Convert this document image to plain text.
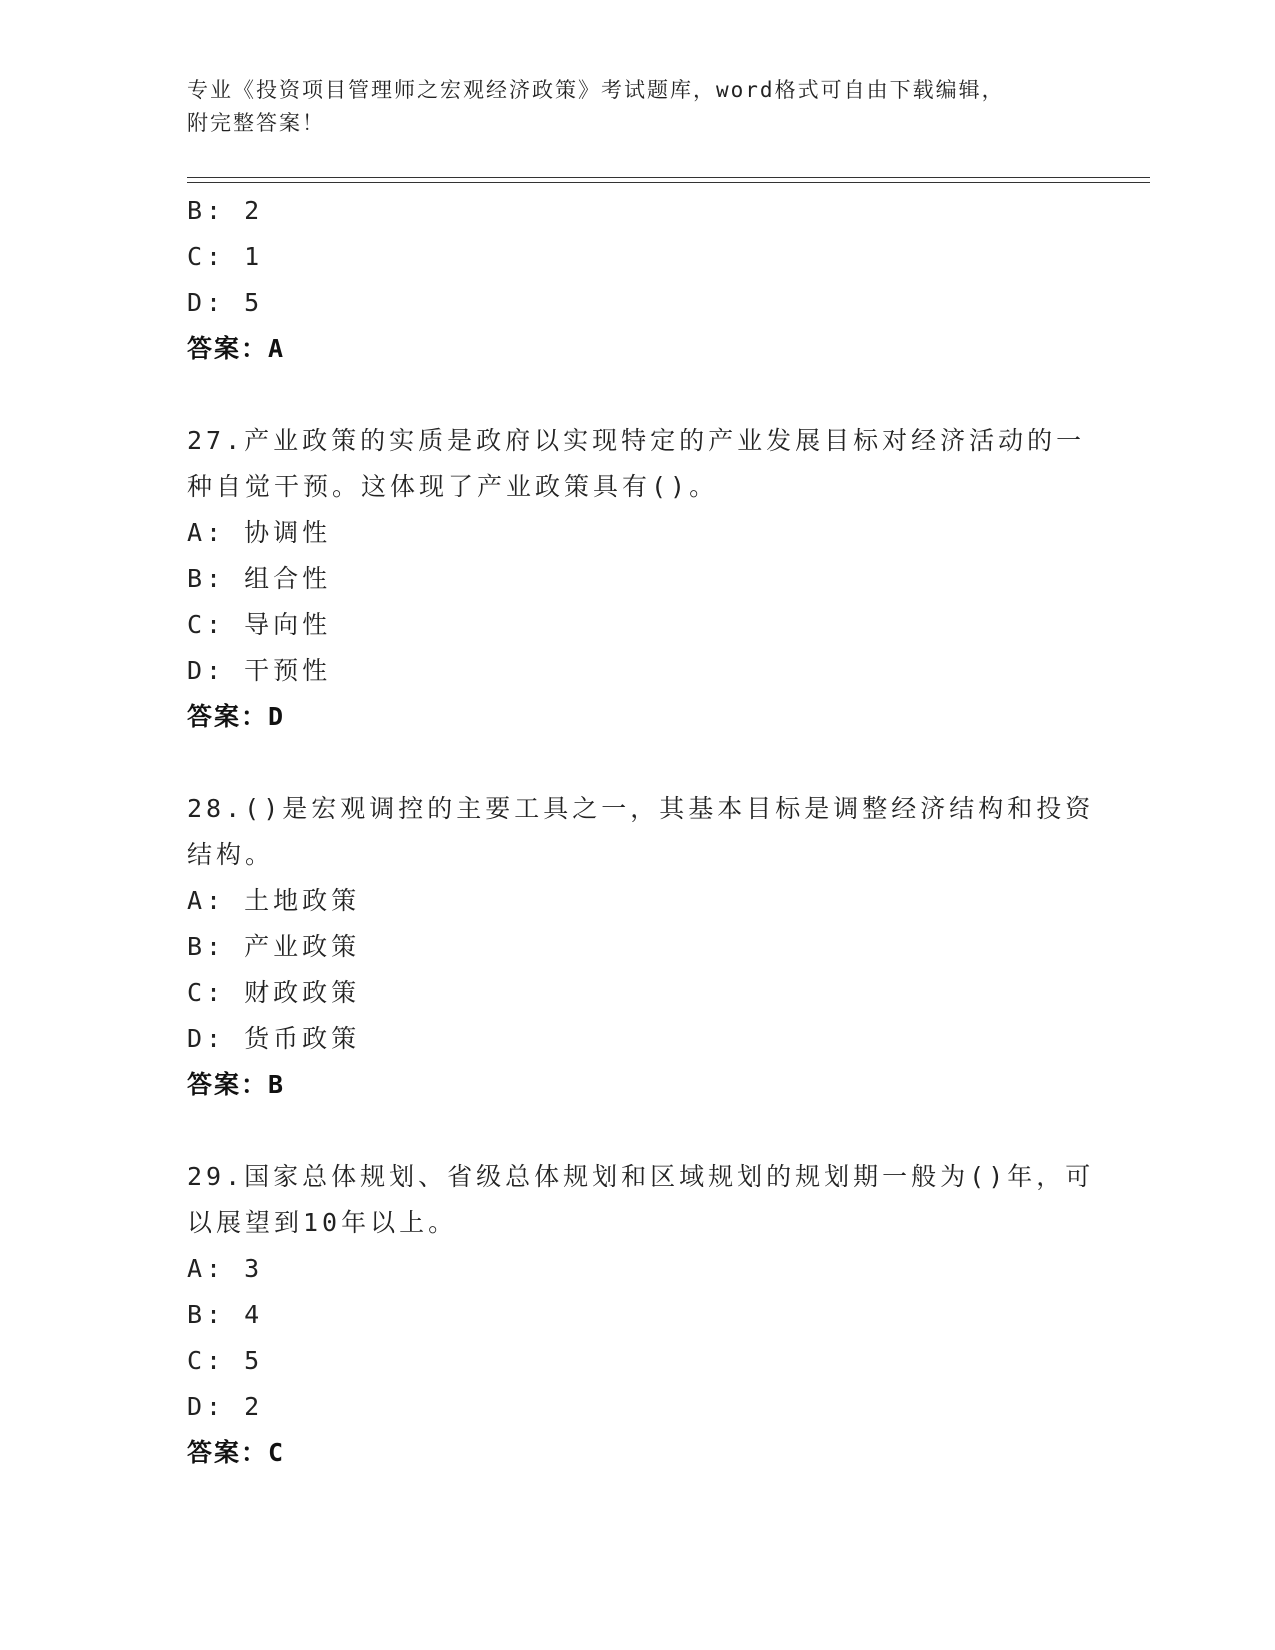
专业《投资项目管理师之宏观经济政策》考试题库，word格式可自由下载编辑，
附完整答案！
B: 2
C: 1
D: 5
答案：A
27.产业政策的实质是政府以实现特定的产业发展目标对经济活动的一
种自觉干预。这体现了产业政策具有()。
A: 协调性
B: 组合性
C: 导向性
D: 干预性
答案：D
28.()是宏观调控的主要工具之一，其基本目标是调整经济结构和投资
结构。
A: 土地政策
B: 产业政策
C: 财政政策
D: 货币政策
答案：B
29.国家总体规划、省级总体规划和区域规划的规划期一般为()年，可
以展望到10年以上。
A: 3
B: 4
C: 5
D: 2
答案：C
